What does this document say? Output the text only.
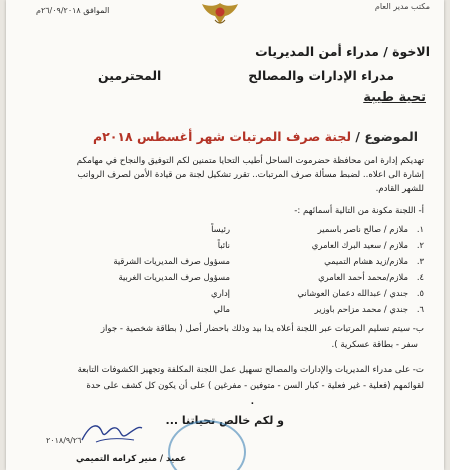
مكتب مدير العام
الموافق ٢٦/٠٩/٢٠١٨م
الاخوة / مدراء أمن المديريات
مدراء الإدارات والمصالح
المحترمين
تحية طيبة
الموضوع / لجنة صرف المرتبات شهر أغسطس ٢٠١٨م
تهديكم إدارة امن محافظة حضرموت الساحل أطيب التحايا متمنين لكم التوفيق والنجاح في مهامكم
إشارة الى اعلاه.. لضبط مسألة صرف المرتبات.. تقرر تشكيل لجنة من قيادة الأمن لصرف الرواتب
للشهر القادم.
أ- اللجنة مكونة من التالية أسمائهم :-
١.
ملازم / صالح ناصر باسمير
رئيساً
٢.
ملازم / سعيد البرك العامري
نائباً
٣.
ملازم/زيد هشام التميمي
مسؤول صرف المديريات الشرقية
٤.
ملازم/محمد أحمد العامري
مسؤول صرف المديريات الغربية
٥.
جندي / عبدالله دعمان العوشاني
إداري
٦.
جندي / محمد مزاحم باوزير
مالي
ب- سيتم تسليم المرتبات عبر اللجنة أعلاه يدا بيد وذلك باحضار أصل ( بطاقة شخصية - جواز
سفر - بطاقة عسكرية ).
ت- على مدراء المديريات والإدارات والمصالح تسهيل عمل اللجنة المكلفة وتجهيز الكشوفات التابعة
لقوائمهم (فعلية - غير فعلية - كبار السن - متوفين - مفرغين ) على أن يكون كل كشف على حدة
.
و لكم خالص تحياتنا ...
٢٠١٨/٩/٢٦
عميد / منير كرامه التميمي
